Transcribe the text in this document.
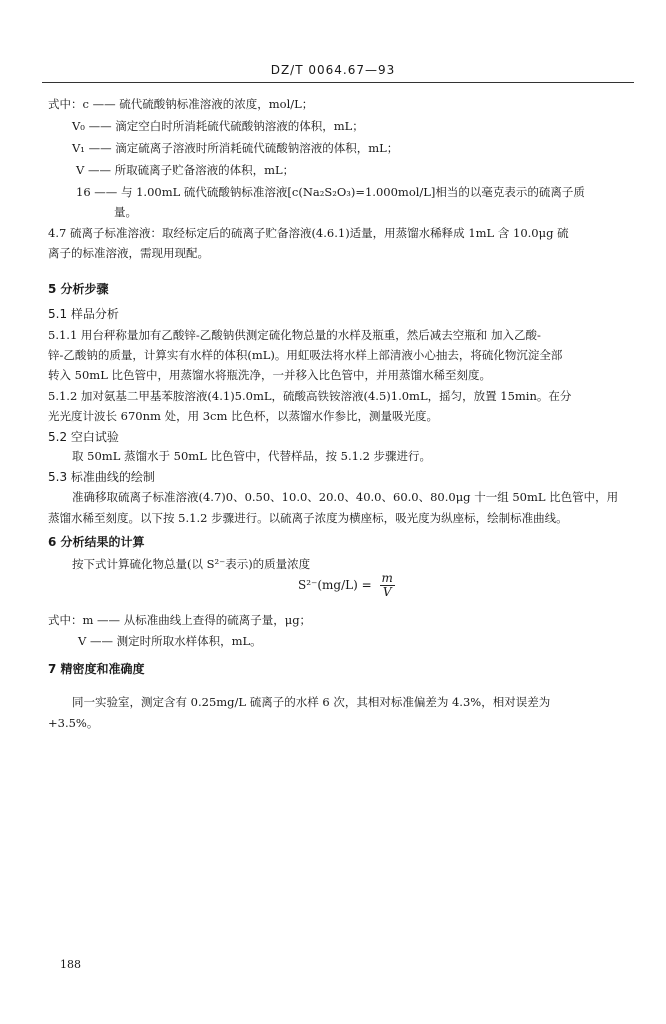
DZ/T 0064.67—93
式中：c —— 硫代硫酸钠标准溶液的浓度，mol/L；
V₀ —— 滴定空白时所消耗硫代硫酸钠溶液的体积，mL；
V₁ —— 滴定硫离子溶液时所消耗硫代硫酸钠溶液的体积，mL；
V —— 所取硫离子贮备溶液的体积，mL；
16 —— 与 1.00mL 硫代硫酸钠标准溶液[c(Na₂S₂O₃)=1.000mol/L]相当的以毫克表示的硫离子质
量。
4.7 硫离子标准溶液：取经标定后的硫离子贮备溶液(4.6.1)适量，用蒸馏水稀释成 1mL 含 10.0μg 硫
离子的标准溶液，需现用现配。
5 分析步骤
5.1 样品分析
5.1.1 用台秤称量加有乙酸锌-乙酸钠供测定硫化物总量的水样及瓶重，然后减去空瓶和 加入乙酸-
锌-乙酸钠的质量，计算实有水样的体积(mL)。用虹吸法将水样上部清液小心抽去，将硫化物沉淀全部
转入 50mL 比色管中，用蒸馏水将瓶洗净，一并移入比色管中，并用蒸馏水稀至刻度。
5.1.2 加对氨基二甲基苯胺溶液(4.1)5.0mL，硫酸高铁铵溶液(4.5)1.0mL，摇匀，放置 15min。在分
光光度计波长 670nm 处，用 3cm 比色杯，以蒸馏水作参比，测量吸光度。
5.2 空白试验
取 50mL 蒸馏水于 50mL 比色管中，代替样品，按 5.1.2 步骤进行。
5.3 标准曲线的绘制
准确移取硫离子标准溶液(4.7)0、0.50、10.0、20.0、40.0、60.0、80.0μg 十一组 50mL 比色管中，用
蒸馏水稀至刻度。以下按 5.1.2 步骤进行。以硫离子浓度为横座标，吸光度为纵座标，绘制标准曲线。
6 分析结果的计算
按下式计算硫化物总量(以 S²⁻表示)的质量浓度
$S^{2-}(mg/L) = \frac{m}{V}$
式中：m —— 从标准曲线上查得的硫离子量，μg；
V —— 测定时所取水样体积，mL。
7 精密度和准确度
同一实验室，测定含有 0.25mg/L 硫离子的水样 6 次，其相对标准偏差为 4.3%，相对误差为
+3.5%。
188
